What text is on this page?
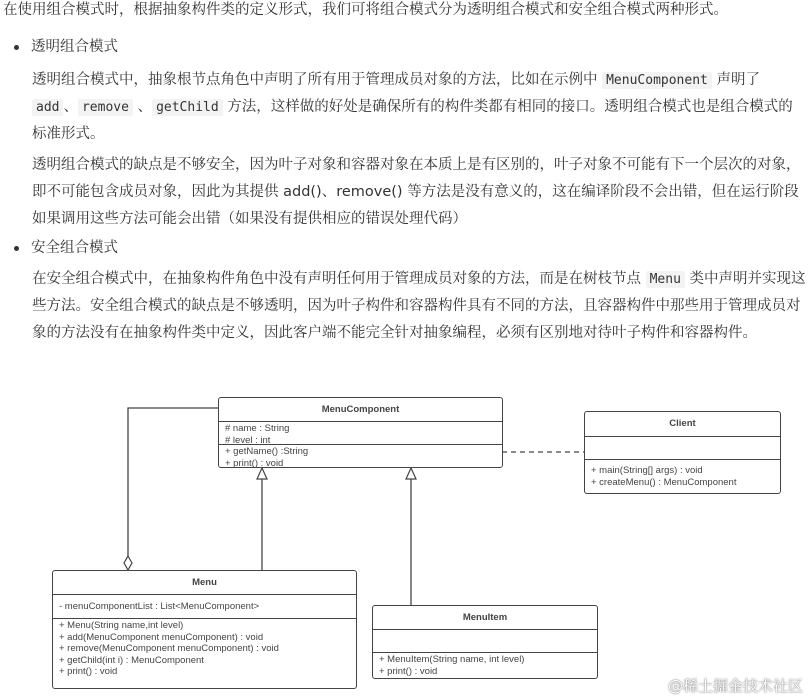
在使用组合模式时，根据抽象构件类的定义形式，我们可将组合模式分为透明组合模式和安全组合模式两种形式。
透明组合模式
透明组合模式中，抽象根节点角色中声明了所有用于管理成员对象的方法，比如在示例中 MenuComponent 声明了 add 、 remove 、 getChild 方法，这样做的好处是确保所有的构件类都有相同的接口。透明组合模式也是组合模式的标准形式。
透明组合模式的缺点是不够安全，因为叶子对象和容器对象在本质上是有区别的，叶子对象不可能有下一个层次的对象，即不可能包含成员对象，因此为其提供 add()、remove() 等方法是没有意义的，这在编译阶段不会出错，但在运行阶段如果调用这些方法可能会出错（如果没有提供相应的错误处理代码）
安全组合模式
在安全组合模式中，在抽象构件角色中没有声明任何用于管理成员对象的方法，而是在树枝节点 Menu 类中声明并实现这些方法。安全组合模式的缺点是不够透明，因为叶子构件和容器构件具有不同的方法，且容器构件中那些用于管理成员对象的方法没有在抽象构件类中定义，因此客户端不能完全针对抽象编程，必须有区别地对待叶子构件和容器构件。
MenuComponent
# name : String
# level : int
+ getName() :String
+ print() : void
Client
+ main(String[] args) : void
+ createMenu() : MenuComponent
Menu
- menuComponentList : List<MenuComponent>
+ Menu(String name,int level)
+ add(MenuComponent menuComponent) : void
+ remove(MenuComponent menuComponent) : void
+ getChild(int i) : MenuComponent
+ print() : void
MenuItem
+ MenuItem(String name, int level)
+ print() : void
@稀土掘金技术社区
